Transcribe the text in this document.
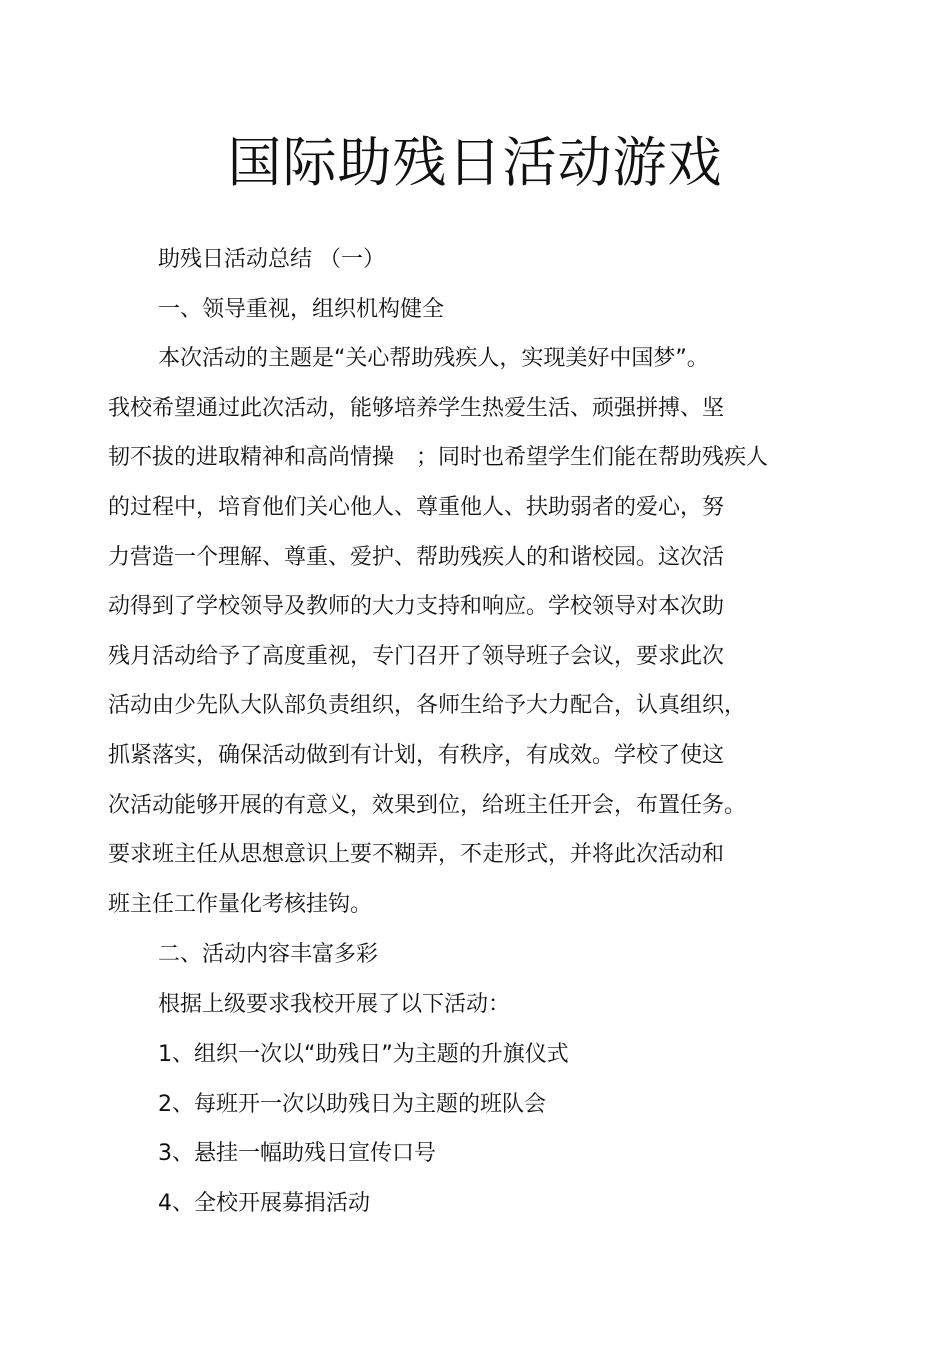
国际助残日活动游戏
助残日活动总结 （一）
一、领导重视，组织机构健全
本次活动的主题是“关心帮助残疾人，实现美好中国梦”。
我校希望通过此次活动，能够培养学生热爱生活、顽强拼搏、坚
韧不拔的进取精神和高尚情操　；同时也希望学生们能在帮助残疾人
的过程中，培育他们关心他人、尊重他人、扶助弱者的爱心，努
力营造一个理解、尊重、爱护、帮助残疾人的和谐校园。这次活
动得到了学校领导及教师的大力支持和响应。学校领导对本次助
残月活动给予了高度重视，专门召开了领导班子会议，要求此次
活动由少先队大队部负责组织，各师生给予大力配合，认真组织，
抓紧落实，确保活动做到有计划，有秩序，有成效。学校了使这
次活动能够开展的有意义，效果到位，给班主任开会，布置任务。
要求班主任从思想意识上要不糊弄，不走形式，并将此次活动和
班主任工作量化考核挂钩。
二、活动内容丰富多彩
根据上级要求我校开展了以下活动：
1、组织一次以“助残日”为主题的升旗仪式
2、每班开一次以助残日为主题的班队会
3、悬挂一幅助残日宣传口号
4、全校开展募捐活动
